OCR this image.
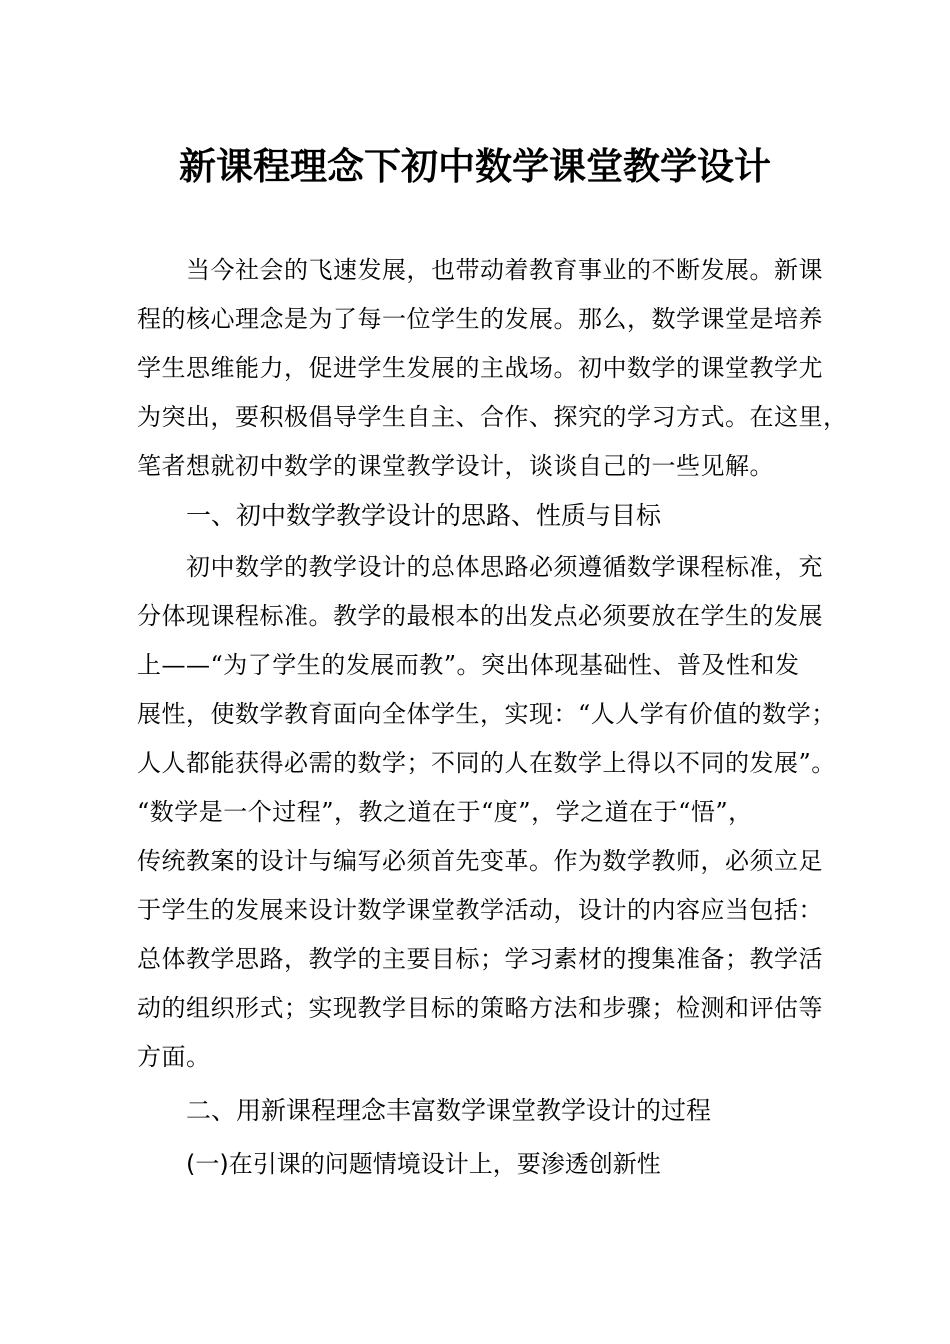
新课程理念下初中数学课堂教学设计
当今社会的飞速发展，也带动着教育事业的不断发展。新课
程的核心理念是为了每一位学生的发展。那么，数学课堂是培养
学生思维能力，促进学生发展的主战场。初中数学的课堂教学尤
为突出，要积极倡导学生自主、合作、探究的学习方式。在这里，
笔者想就初中数学的课堂教学设计，谈谈自己的一些见解。
一、初中数学教学设计的思路、性质与目标
初中数学的教学设计的总体思路必须遵循数学课程标准，充
分体现课程标准。教学的最根本的出发点必须要放在学生的发展
上——“为了学生的发展而教”。突出体现基础性、普及性和发
展性，使数学教育面向全体学生，实现：“人人学有价值的数学；
人人都能获得必需的数学；不同的人在数学上得以不同的发展”。
“数学是一个过程”，教之道在于“度”，学之道在于“悟”，
传统教案的设计与编写必须首先变革。作为数学教师，必须立足
于学生的发展来设计数学课堂教学活动，设计的内容应当包括：
总体教学思路，教学的主要目标；学习素材的搜集准备；教学活
动的组织形式；实现教学目标的策略方法和步骤；检测和评估等
方面。
二、用新课程理念丰富数学课堂教学设计的过程
(一)在引课的问题情境设计上，要渗透创新性
